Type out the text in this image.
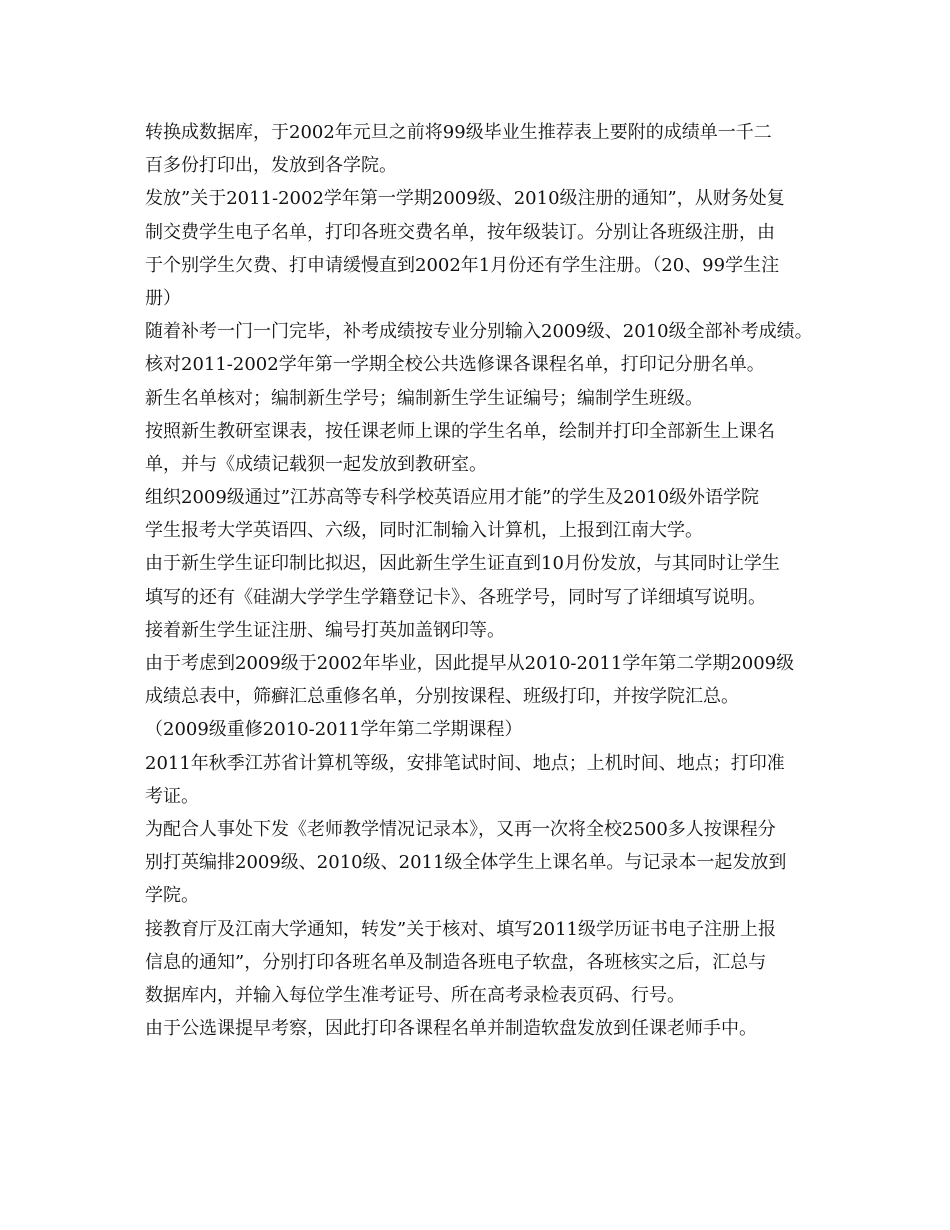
转换成数据库，于2002年元旦之前将99级毕业生推荐表上要附的成绩单一千二
百多份打印出，发放到各学院。
发放”关于2011-2002学年第一学期2009级、2010级注册的通知”，从财务处复
制交费学生电子名单，打印各班交费名单，按年级装订。分别让各班级注册，由
于个别学生欠费、打申请缓慢直到2002年1月份还有学生注册。（20、99学生注
册）
随着补考一门一门完毕，补考成绩按专业分别输入2009级、2010级全部补考成绩。
核对2011-2002学年第一学期全校公共选修课各课程名单，打印记分册名单。
新生名单核对；编制新生学号；编制新生学生证编号；编制学生班级。
按照新生教研室课表，按任课老师上课的学生名单，绘制并打印全部新生上课名
单，并与《成绩记载狈一起发放到教研室。
组织2009级通过”江苏高等专科学校英语应用才能”的学生及2010级外语学院
学生报考大学英语四、六级，同时汇制输入计算机，上报到江南大学。
由于新生学生证印制比拟迟，因此新生学生证直到10月份发放，与其同时让学生
填写的还有《硅湖大学学生学籍登记卡》、各班学号，同时写了详细填写说明。
接着新生学生证注册、编号打英加盖钢印等。
由于考虑到2009级于2002年毕业，因此提早从2010-2011学年第二学期2009级
成绩总表中，筛癣汇总重修名单，分别按课程、班级打印，并按学院汇总。
（2009级重修2010-2011学年第二学期课程）
2011年秋季江苏省计算机等级，安排笔试时间、地点；上机时间、地点；打印准
考证。
为配合人事处下发《老师教学情况记录本》，又再一次将全校2500多人按课程分
别打英编排2009级、2010级、2011级全体学生上课名单。与记录本一起发放到
学院。
接教育厅及江南大学通知，转发”关于核对、填写2011级学历证书电子注册上报
信息的通知”，分别打印各班名单及制造各班电子软盘，各班核实之后，汇总与
数据库内，并输入每位学生准考证号、所在高考录检表页码、行号。
由于公选课提早考察，因此打印各课程名单并制造软盘发放到任课老师手中。
